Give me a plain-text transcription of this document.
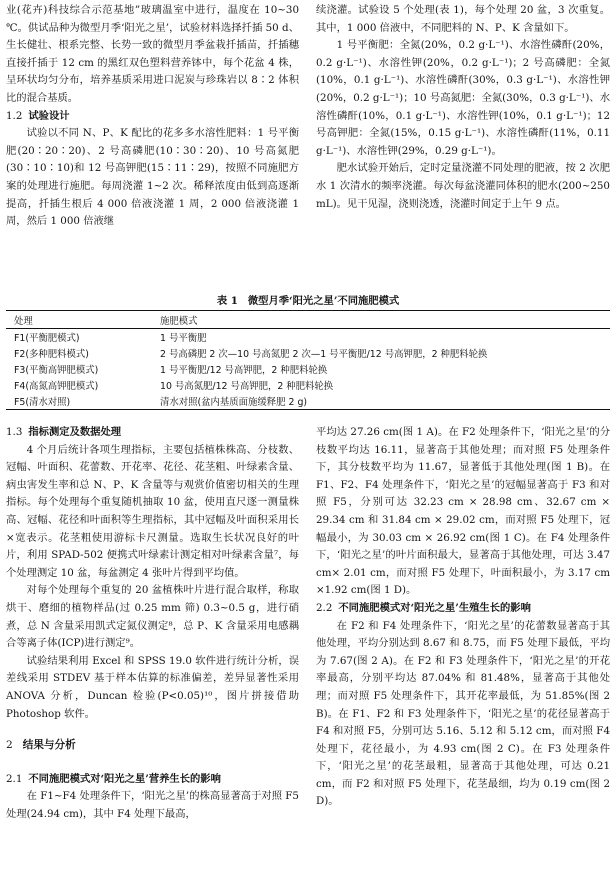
业(花卉)科技综合示范基地”玻璃温室中进行，温度在 10~30 ℃。供试品种为微型月季‘阳光之星’，试验材料选择扦插 50 d、生长健壮、根系完整、长势一致的微型月季盆栽扦插苗，扦插穗直接扦插于 12 cm 的黑红双色塑料营养钵中，每个花盆 4 株，呈环状均匀分布，培养基质采用进口泥炭与珍珠岩以 8∶2 体积比的混合基质。

1.2 试验设计

试验以不同 N、P、K 配比的花多多水溶性肥料：1 号平衡肥(20∶20∶20)、2 号高磷肥(10∶30∶20)、10 号高氮肥(30∶10∶10)和 12 号高钾肥(15∶11∶29)，按照不同施肥方案的处理进行施肥。每周浇灌 1~2 次。稀释浓度由低到高逐渐提高，扦插生根后 4 000 倍液浇灌 1 周，2 000 倍液浇灌 1 周，然后 1 000 倍液继

续浇灌。试验设 5 个处理(表 1)，每个处理 20 盆，3 次重复。其中，1 000 倍液中，不同肥料的 N、P、K 含量如下。

1 号平衡肥：全氮(20%，0.2 g·L⁻¹)、水溶性磷酐(20%，0.2 g·L⁻¹)、水溶性钾(20%，0.2 g·L⁻¹)；2 号高磷肥：全氮(10%，0.1 g·L⁻¹)、水溶性磷酐(30%，0.3 g·L⁻¹)、水溶性钾(20%，0.2 g·L⁻¹)；10 号高氮肥：全氮(30%，0.3 g·L⁻¹)、水溶性磷酐(10%，0.1 g·L⁻¹)、水溶性钾(10%，0.1 g·L⁻¹)；12 号高钾肥：全氮(15%，0.15 g·L⁻¹)、水溶性磷酐(11%，0.11 g·L⁻¹)、水溶性钾(29%，0.29 g·L⁻¹)。

肥水试验开始后，定时定量浇灌不同处理的肥液，按 2 次肥水 1 次清水的频率浇灌。每次每盆浇灌同体积的肥水(200~250 mL)。见干见湿，浇则浇透，浇灌时间定于上午 9 点。

表 1 微型月季‘阳光之星’不同施肥模式
处理	施肥模式
F1(平衡肥模式)	1 号平衡肥
F2(多种肥料模式)	2 号高磷肥 2 次—10 号高氮肥 2 次—1 号平衡肥/12 号高钾肥，2 种肥料轮换
F3(平衡高钾肥模式)	1 号平衡肥/12 号高钾肥，2 种肥料轮换
F4(高氮高钾肥模式)	10 号高氮肥/12 号高钾肥，2 种肥料轮换
F5(清水对照)	清水对照(盆内基质面施缓释肥 2 g)
1.3 指标测定及数据处理

4 个月后统计各项生理指标，主要包括植株株高、分枝数、冠幅、叶面积、花蕾数、开花率、花径、花茎粗、叶绿素含量、病虫害发生率和总 N、P、K 含量等与观赏价值密切相关的生理指标。每个处理每个重复随机抽取 10 盆，使用直尺逐一测量株高、冠幅、花径和叶面积等生理指标，其中冠幅及叶面积采用长×宽表示。花茎粗使用游标卡尺测量。选取生长状况良好的叶片，利用 SPAD-502 便携式叶绿素计测定相对叶绿素含量⁷，每个处理测定 10 盆，每盆测定 4 张叶片得到平均值。

对每个处理每个重复的 20 盆植株叶片进行混合取样，称取烘干、磨细的植物样品(过 0.25 mm 筛) 0.3~0.5 g，进行硝煮，总 N 含量采用凯式定氮仪测定⁸，总 P、K 含量采用电感耦合等离子体(ICP)进行测定⁹。

试验结果利用 Excel 和 SPSS 19.0 软件进行统计分析，误差线采用 STDEV 基于样本估算的标准偏差，差异显著性采用 ANOVA 分析，Duncan 检验(P<0.05)¹⁰，图片拼接借助 Photoshop 软件。

2 结果与分析
2.1 不同施肥模式对‘阳光之星’营养生长的影响

在 F1~F4 处理条件下，‘阳光之星’的株高显著高于对照 F5 处理(24.94 cm)，其中 F4 处理下最高，

平均达 27.26 cm(图 1 A)。在 F2 处理条件下，‘阳光之星’的分枝数平均达 16.11，显著高于其他处理；而对照 F5 处理条件下，其分枝数平均为 11.67，显著低于其他处理(图 1 B)。在 F1、F2、F4 处理条件下，‘阳光之星’的冠幅显著高于 F3 和对照 F5，分别可达 32.23 cm × 28.98 cm、32.67 cm × 29.34 cm 和 31.84 cm × 29.02 cm，而对照 F5 处理下，冠幅最小，为 30.03 cm × 26.92 cm(图 1 C)。在 F4 处理条件下，‘阳光之星’的叶片面积最大，显著高于其他处理，可达 3.47 cm× 2.01 cm，而对照 F5 处理下，叶面积最小，为 3.17 cm ×1.92 cm(图 1 D)。

2.2 不同施肥模式对‘阳光之星’生殖生长的影响

在 F2 和 F4 处理条件下，‘阳光之星’的花蕾数显著高于其他处理，平均分别达到 8.67 和 8.75，而 F5 处理下最低，平均为 7.67(图 2 A)。在 F2 和 F3 处理条件下，‘阳光之星’的开花率最高，分别平均达 87.04% 和 81.48%，显著高于其他处理；而对照 F5 处理条件下，其开花率最低，为 51.85%(图 2 B)。在 F1、F2 和 F3 处理条件下，‘阳光之星’的花径显著高于 F4 和对照 F5，分别可达 5.16、5.12 和 5.12 cm，而对照 F4 处理下，花径最小，为 4.93 cm(图 2 C)。在 F3 处理条件下，‘阳光之星’的花茎最粗，显著高于其他处理，可达 0.21 cm，而 F2 和对照 F5 处理下，花茎最细，均为 0.19 cm(图 2 D)。
